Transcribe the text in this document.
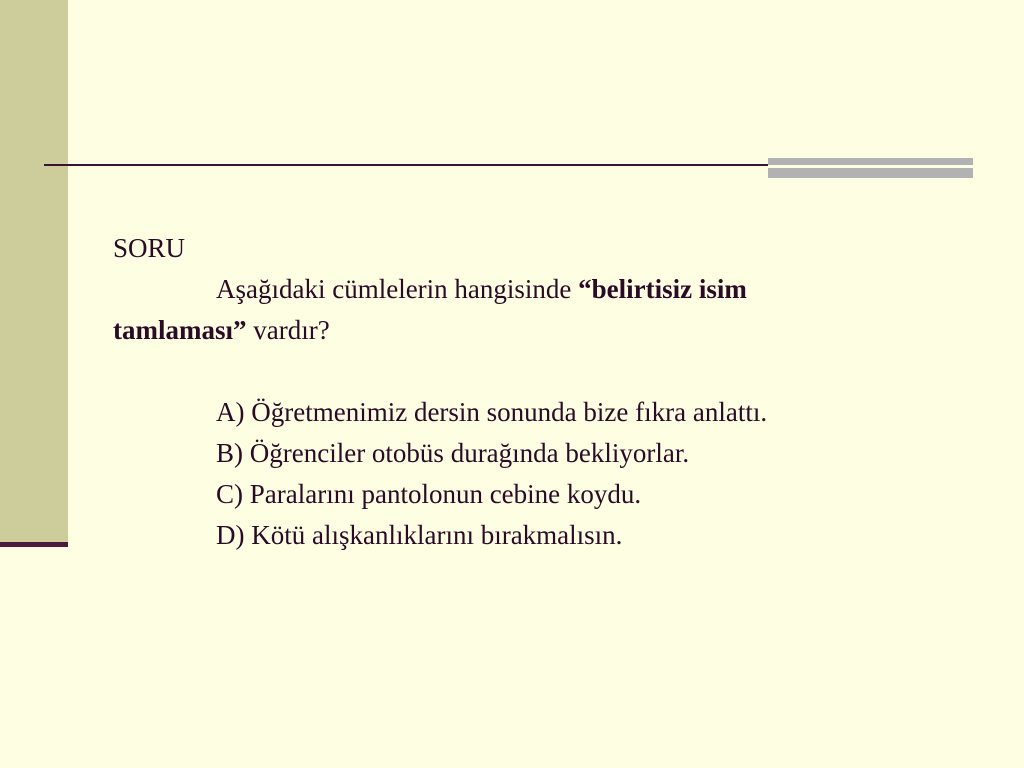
SORU

Aşağıdaki cümlelerin hangisinde “belirtisiz isim

tamlaması” vardır?

A) Öğretmenimiz dersin sonunda bize fıkra anlattı.

B) Öğrenciler otobüs durağında bekliyorlar.

C) Paralarını pantolonun cebine koydu.

D) Kötü alışkanlıklarını bırakmalısın.
